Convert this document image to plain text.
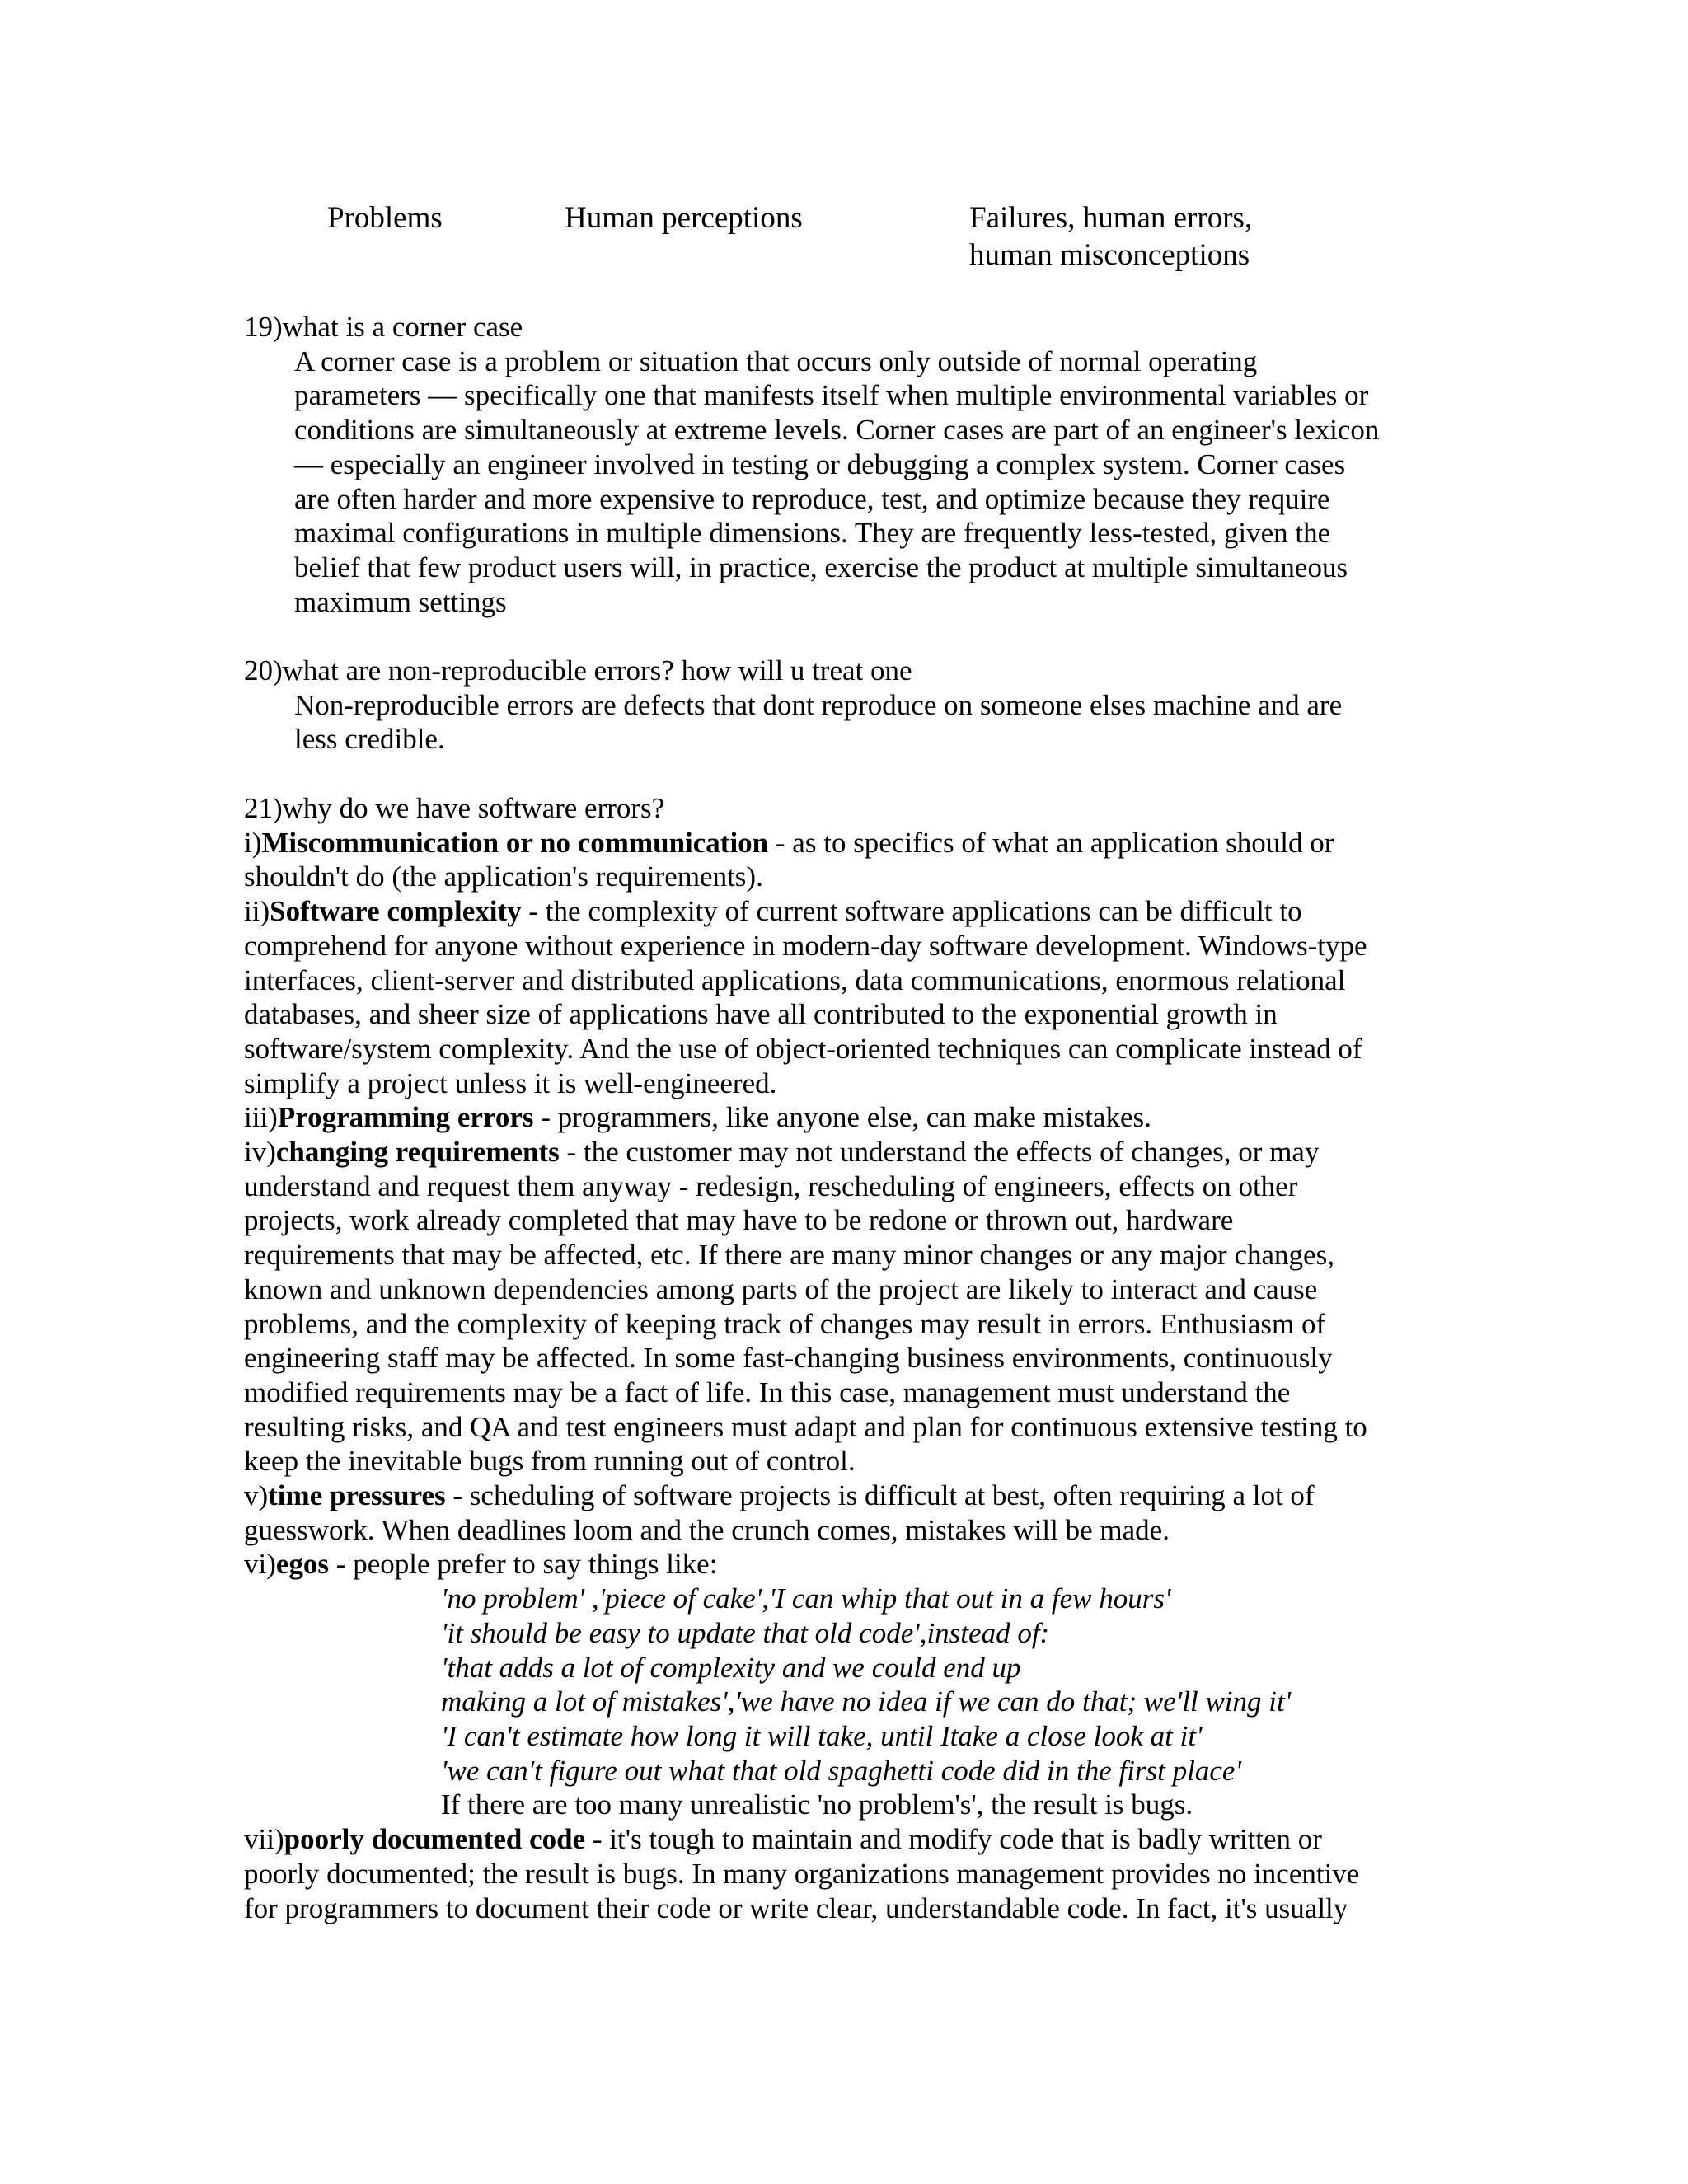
Problems	Human perceptions	Failures, human errors,
human misconceptions
19)what is a corner case
A corner case is a problem or situation that occurs only outside of normal operating
parameters — specifically one that manifests itself when multiple environmental variables or
conditions are simultaneously at extreme levels. Corner cases are part of an engineer's lexicon
— especially an engineer involved in testing or debugging a complex system. Corner cases
are often harder and more expensive to reproduce, test, and optimize because they require
maximal configurations in multiple dimensions. They are frequently less-tested, given the
belief that few product users will, in practice, exercise the product at multiple simultaneous
maximum settings
20)what are non-reproducible errors? how will u treat one
Non-reproducible errors are defects that dont reproduce on someone elses machine and are
less credible.
21)why do we have software errors?
i)Miscommunication or no communication - as to specifics of what an application should or
shouldn't do (the application's requirements).
ii)Software complexity - the complexity of current software applications can be difficult to
comprehend for anyone without experience in modern-day software development. Windows-type
interfaces, client-server and distributed applications, data communications, enormous relational
databases, and sheer size of applications have all contributed to the exponential growth in
software/system complexity. And the use of object-oriented techniques can complicate instead of
simplify a project unless it is well-engineered.
iii)Programming errors - programmers, like anyone else, can make mistakes.
iv)changing requirements - the customer may not understand the effects of changes, or may
understand and request them anyway - redesign, rescheduling of engineers, effects on other
projects, work already completed that may have to be redone or thrown out, hardware
requirements that may be affected, etc. If there are many minor changes or any major changes,
known and unknown dependencies among parts of the project are likely to interact and cause
problems, and the complexity of keeping track of changes may result in errors. Enthusiasm of
engineering staff may be affected. In some fast-changing business environments, continuously
modified requirements may be a fact of life. In this case, management must understand the
resulting risks, and QA and test engineers must adapt and plan for continuous extensive testing to
keep the inevitable bugs from running out of control.
v)time pressures - scheduling of software projects is difficult at best, often requiring a lot of
guesswork. When deadlines loom and the crunch comes, mistakes will be made.
vi)egos - people prefer to say things like:
'no problem' ,'piece of cake','I can whip that out in a few hours'
'it should be easy to update that old code',instead of:
'that adds a lot of complexity and we could end up
making a lot of mistakes','we have no idea if we can do that; we'll wing it'
'I can't estimate how long it will take, until Itake a close look at it'
'we can't figure out what that old spaghetti code did in the first place'
If there are too many unrealistic 'no problem's', the result is bugs.
vii)poorly documented code - it's tough to maintain and modify code that is badly written or
poorly documented; the result is bugs. In many organizations management provides no incentive
for programmers to document their code or write clear, understandable code. In fact, it's usually
